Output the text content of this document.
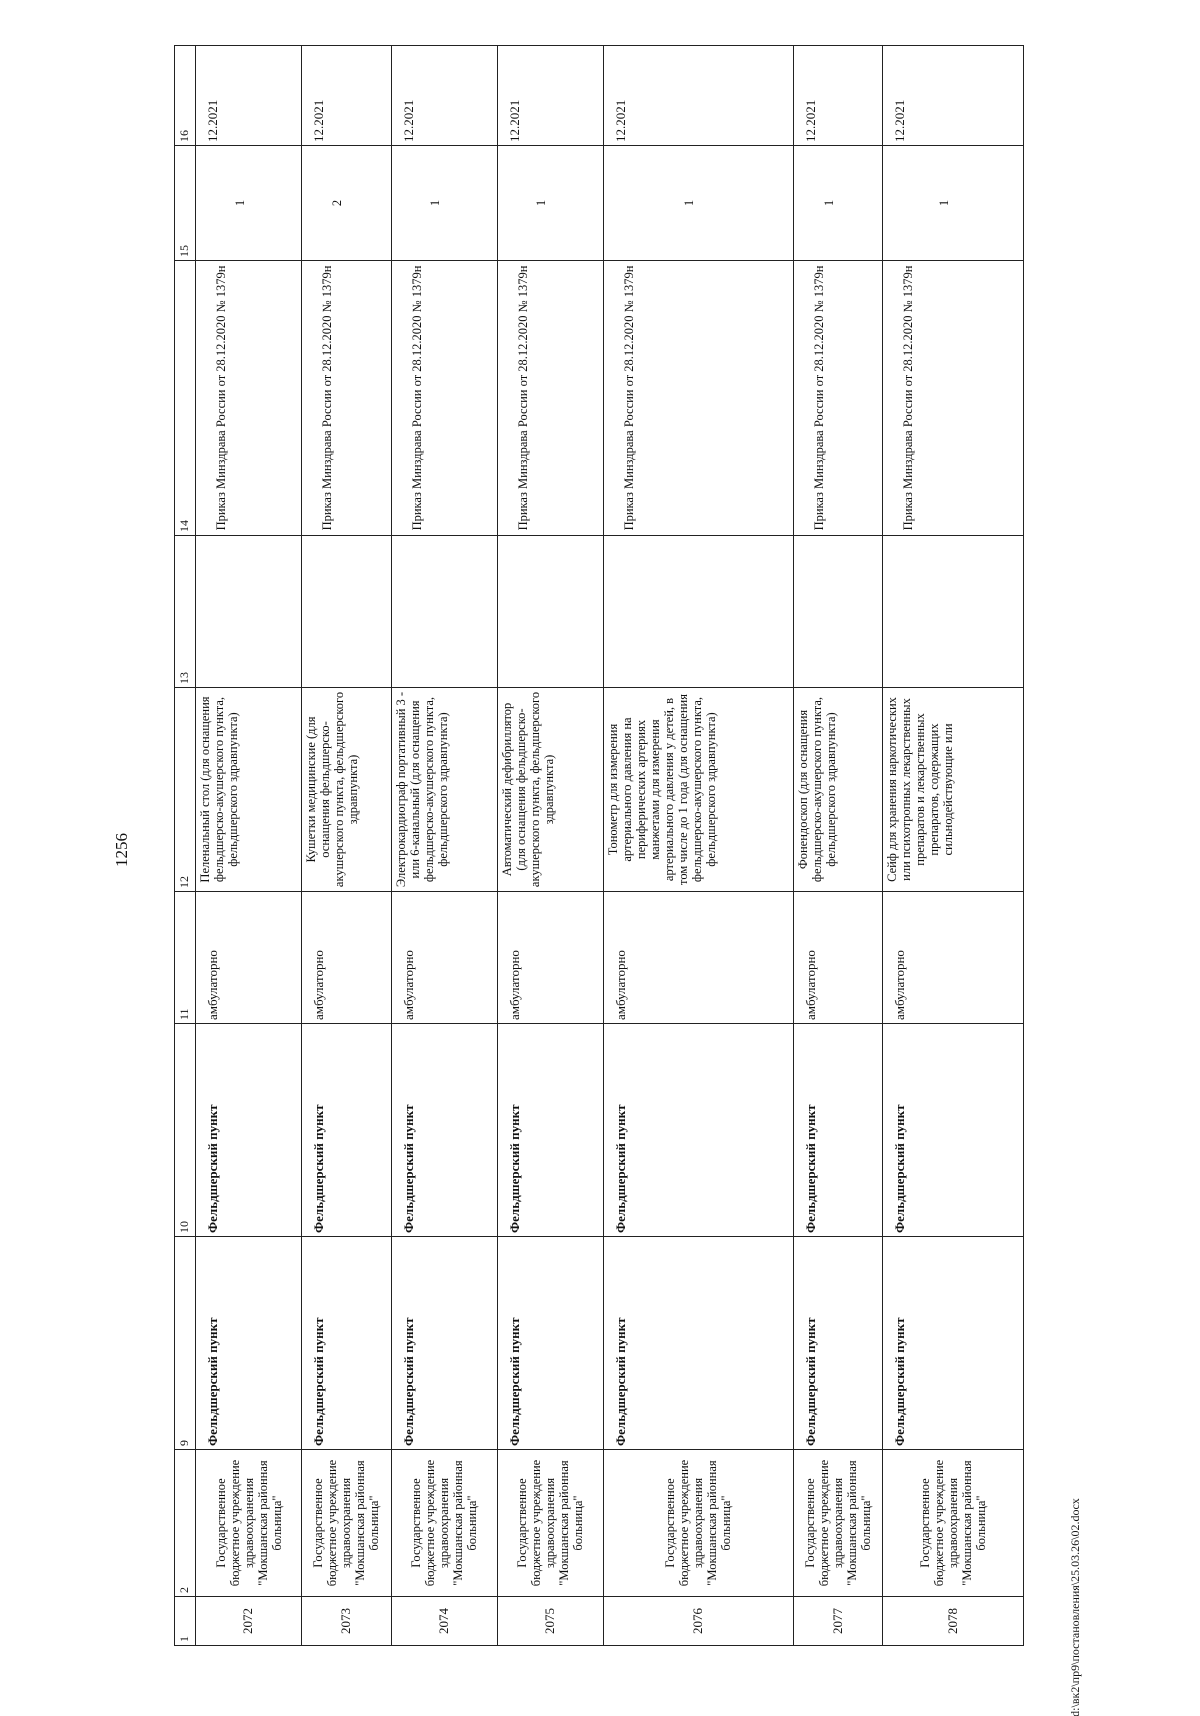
1256
d:\вк2\пр9\постановления\25.03.26\02.docx
1	2	9	10	11	12	13	14	15	16
2072	Государственное бюджетное учреждение здравоохранения "Мокшанская районная больница"	Фельдшерский пункт	Фельдшерский пункт	амбулаторно	Пеленальный стол (для оснащения фельдшерско-акушерского пункта, фельдшерского здравпункта)		Приказ Минздрава России от 28.12.2020 № 1379н	1	12.2021
2073	Государственное бюджетное учреждение здравоохранения "Мокшанская районная больница"	Фельдшерский пункт	Фельдшерский пункт	амбулаторно	Кушетки медицинские (для оснащения фельдшерско-акушерского пункта, фельдшерского здравпункта)		Приказ Минздрава России от 28.12.2020 № 1379н	2	12.2021
2074	Государственное бюджетное учреждение здравоохранения "Мокшанская районная больница"	Фельдшерский пункт	Фельдшерский пункт	амбулаторно	Электрокардиограф портативный 3 - или 6-канальный (для оснащения фельдшерско-акушерского пункта, фельдшерского здравпункта)		Приказ Минздрава России от 28.12.2020 № 1379н	1	12.2021
2075	Государственное бюджетное учреждение здравоохранения "Мокшанская районная больница"	Фельдшерский пункт	Фельдшерский пункт	амбулаторно	Автоматический дефибриллятор (для оснащения фельдшерско-акушерского пункта, фельдшерского здравпункта)		Приказ Минздрава России от 28.12.2020 № 1379н	1	12.2021
2076	Государственное бюджетное учреждение здравоохранения "Мокшанская районная больница"	Фельдшерский пункт	Фельдшерский пункт	амбулаторно	Тонометр для измерения артериального давления на периферических артериях манжетами для измерения артериального давления у детей, в том числе до 1 года (для оснащения фельдшерско-акушерского пункта, фельдшерского здравпункта)		Приказ Минздрава России от 28.12.2020 № 1379н	1	12.2021
2077	Государственное бюджетное учреждение здравоохранения "Мокшанская районная больница"	Фельдшерский пункт	Фельдшерский пункт	амбулаторно	Фонендоскоп (для оснащения фельдшерско-акушерского пункта, фельдшерского здравпункта)		Приказ Минздрава России от 28.12.2020 № 1379н	1	12.2021
2078	Государственное бюджетное учреждение здравоохранения "Мокшанская районная больница"	Фельдшерский пункт	Фельдшерский пункт	амбулаторно	Сейф для хранения наркотических или психотропных лекарственных препаратов и лекарственных препаратов, содержащих сильнодействующие или		Приказ Минздрава России от 28.12.2020 № 1379н	1	12.2021
